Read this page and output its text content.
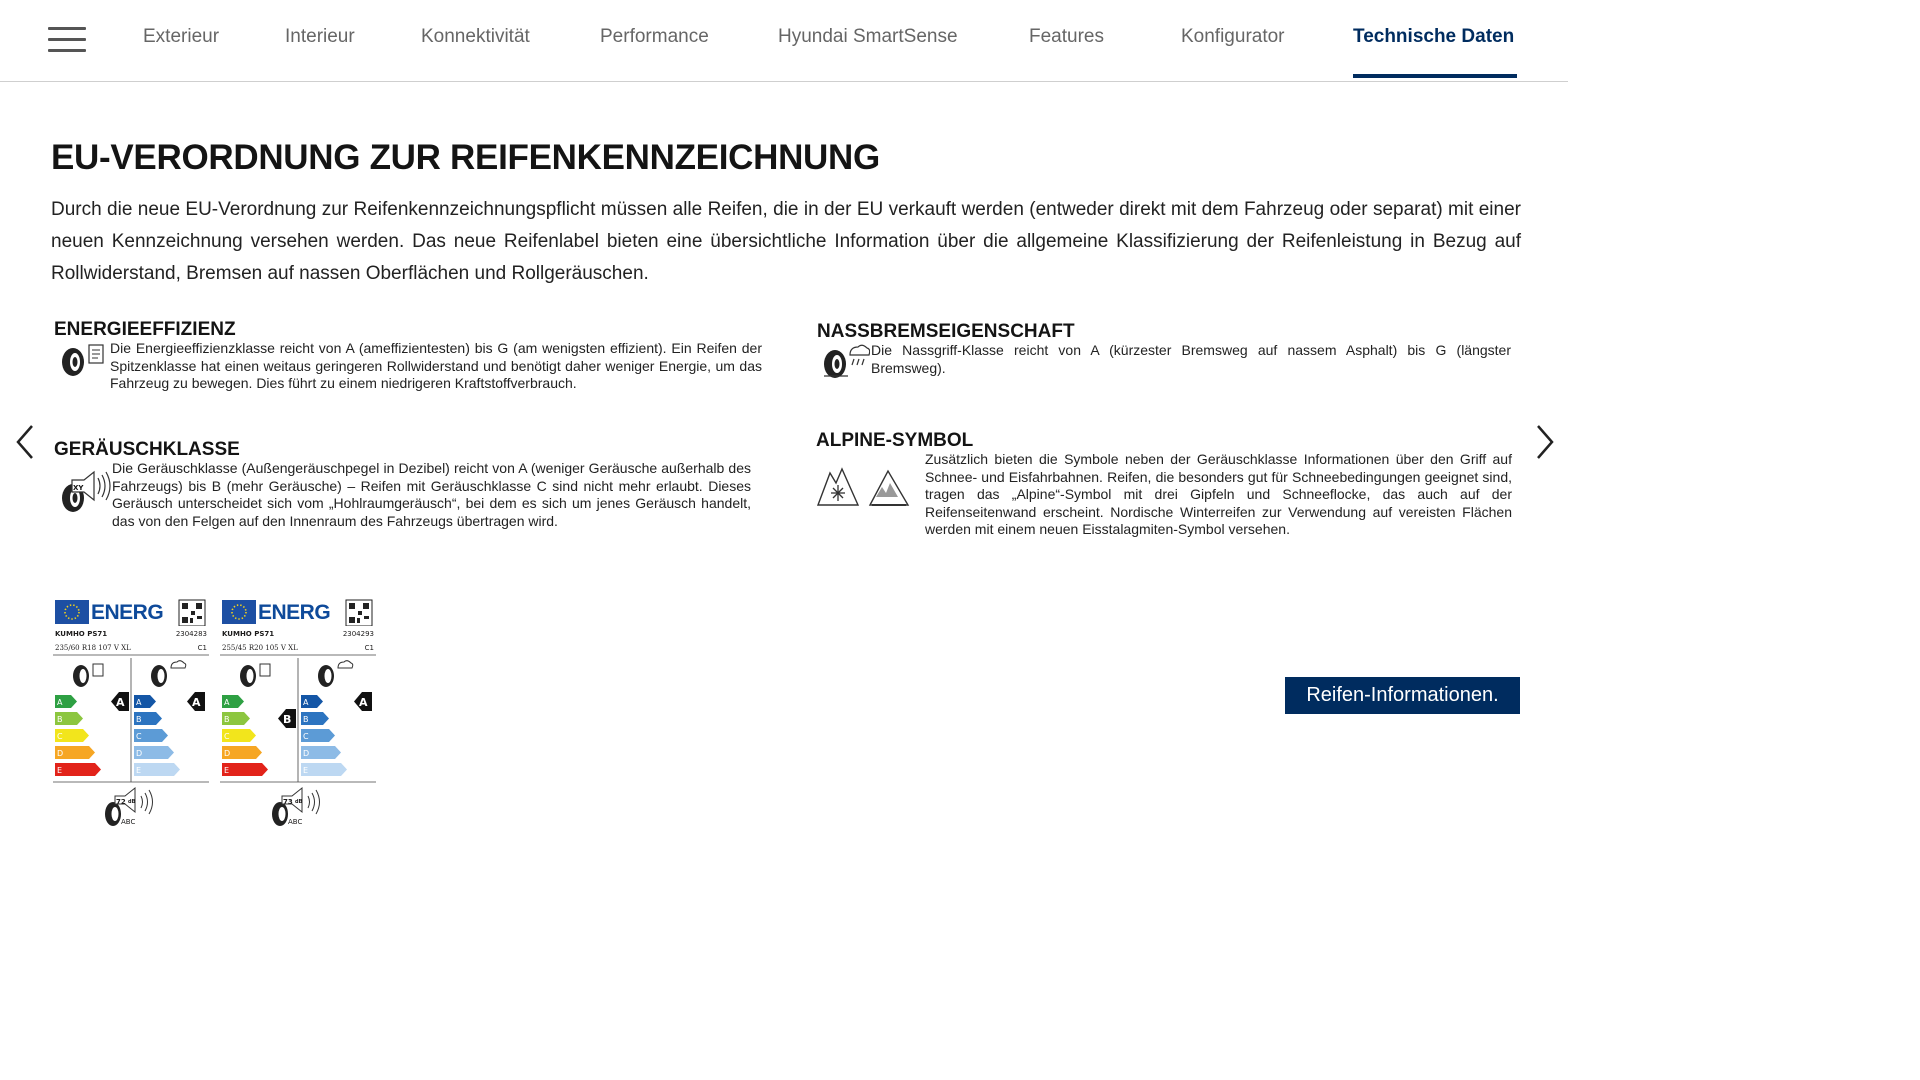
Exterieur	Interieur	Konnektivität	Performance	Hyundai SmartSense	Features	Konfigurator	Technische Daten
EU-VERORDNUNG ZUR REIFENKENNZEICHNUNG
Durch die neue EU-Verordnung zur Reifenkennzeichnungspflicht müssen alle Reifen, die in der EU verkauft werden (entweder direkt mit dem Fahrzeug oder separat) mit einer neuen Kennzeichnung versehen werden. Das neue Reifenlabel bieten eine übersichtliche Information über die allgemeine Klassifizierung der Reifenleistung in Bezug auf Rollwiderstand, Bremsen auf nassen Oberflächen und Rollgeräuschen.
ENERGIEEFFIZIENZ
Die Energieeffizienzklasse reicht von A (ameffizientesten) bis G (am wenigsten effizient). Ein Reifen der Spitzenklasse hat einen weitaus geringeren Rollwiderstand und benötigt daher weniger Energie, um das Fahrzeug zu bewegen. Dies führt zu einem niedrigeren Kraftstoffverbrauch.
NASSBREMSEIGENSCHAFT
Die Nassgriff-Klasse reicht von A (kürzester Bremsweg auf nassem Asphalt) bis G (längster Bremsweg).
GERÄUSCHKLASSE
XY
Die Geräuschklasse (Außengeräuschpegel in Dezibel) reicht von A (weniger Geräusche außerhalb des Fahrzeugs) bis B (mehr Geräusche) – Reifen mit Geräuschklasse C sind nicht mehr erlaubt. Dieses Geräusch unterscheidet sich vom „Hohlraumgeräusch“, bei dem es sich um jenes Geräusch handelt, das von den Felgen auf den Innenraum des Fahrzeugs übertragen wird.
ALPINE-SYMBOL
Zusätzlich bieten die Symbole neben der Geräuschklasse Informationen über den Griff auf Schnee- und Eisfahrbahnen. Reifen, die besonders gut für Schneebedingungen geeignet sind, tragen das „Alpine“-Symbol mit drei Gipfeln und Schneeflocke, das auch auf der Reifenseitenwand erscheint. Nordische Winterreifen zur Verwendung auf vereisten Flächen werden mit einem neuen Eisstalagmiten-Symbol versehen.
ENERG
KUMHO PS71	2304283
235/60 R18 107 V XL	C1
A	A
B	B
C	C
D	D
E	E
A	A
72 dB
ABC
ENERG
KUMHO PS71	2304293
255/45 R20 105 V XL	C1
A	A
B	B
C	C
D	D
E	E
B
A
73 dB
ABC
Reifen-Informationen.
